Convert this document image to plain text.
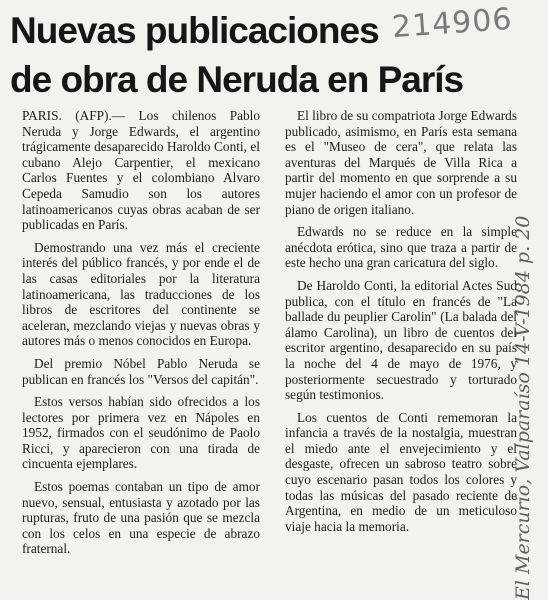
Nuevas publicaciones
de obra de Neruda en París
214906

PARIS. (AFP).— Los chilenos Pablo Neruda y Jorge Edwards, el argentino trágicamente desaparecido Haroldo Conti, el cubano Alejo Carpentier, el mexicano Carlos Fuentes y el colombiano Alvaro Cepeda Samudio son los autores latinoamericanos cuyas obras acaban de ser publicadas en París.

Demostrando una vez más el creciente interés del público francés, y por ende el de las casas editoriales por la literatura latinoamericana, las traducciones de los libros de escritores del continente se aceleran, mezclando viejas y nuevas obras y autores más o menos conocidos en Europa.

Del premio Nóbel Pablo Neruda se publican en francés los "Versos del capitán".

Estos versos habían sido ofrecidos a los lectores por primera vez en Nápoles en 1952, firmados con el seudónimo de Paolo Ricci, y aparecieron con una tirada de cincuenta ejemplares.

Estos poemas contaban un tipo de amor nuevo, sensual, entusiasta y azotado por las rupturas, fruto de una pasión que se mezcla con los celos en una especie de abrazo fraternal.

El libro de su compatriota Jorge Edwards publicado, asimismo, en París esta semana es el "Museo de cera", que relata las aventuras del Marqués de Villa Rica a partir del momento en que sorprende a su mujer haciendo el amor con un profesor de piano de origen italiano.

Edwards no se reduce en la simple anécdota erótica, sino que traza a partir de este hecho una gran caricatura del siglo.

De Haroldo Conti, la editorial Actes Sud publica, con el título en francés de "La ballade du peuplier Carolin" (La balada del álamo Carolina), un libro de cuentos del escritor argentino, desaparecido en su país la noche del 4 de mayo de 1976, y posteriormente secuestrado y torturado según testimonios.

Los cuentos de Conti rememoran la infancia a través de la nostalgia, muestran el miedo ante el envejecimiento y el desgaste, ofrecen un sabroso teatro sobre cuyo escenario pasan todos los colores y todas las músicas del pasado reciente de Argentina, en medio de un meticuloso viaje hacia la memoria.	El Mercurio, Valparaíso 14-V-1984 p. 20
